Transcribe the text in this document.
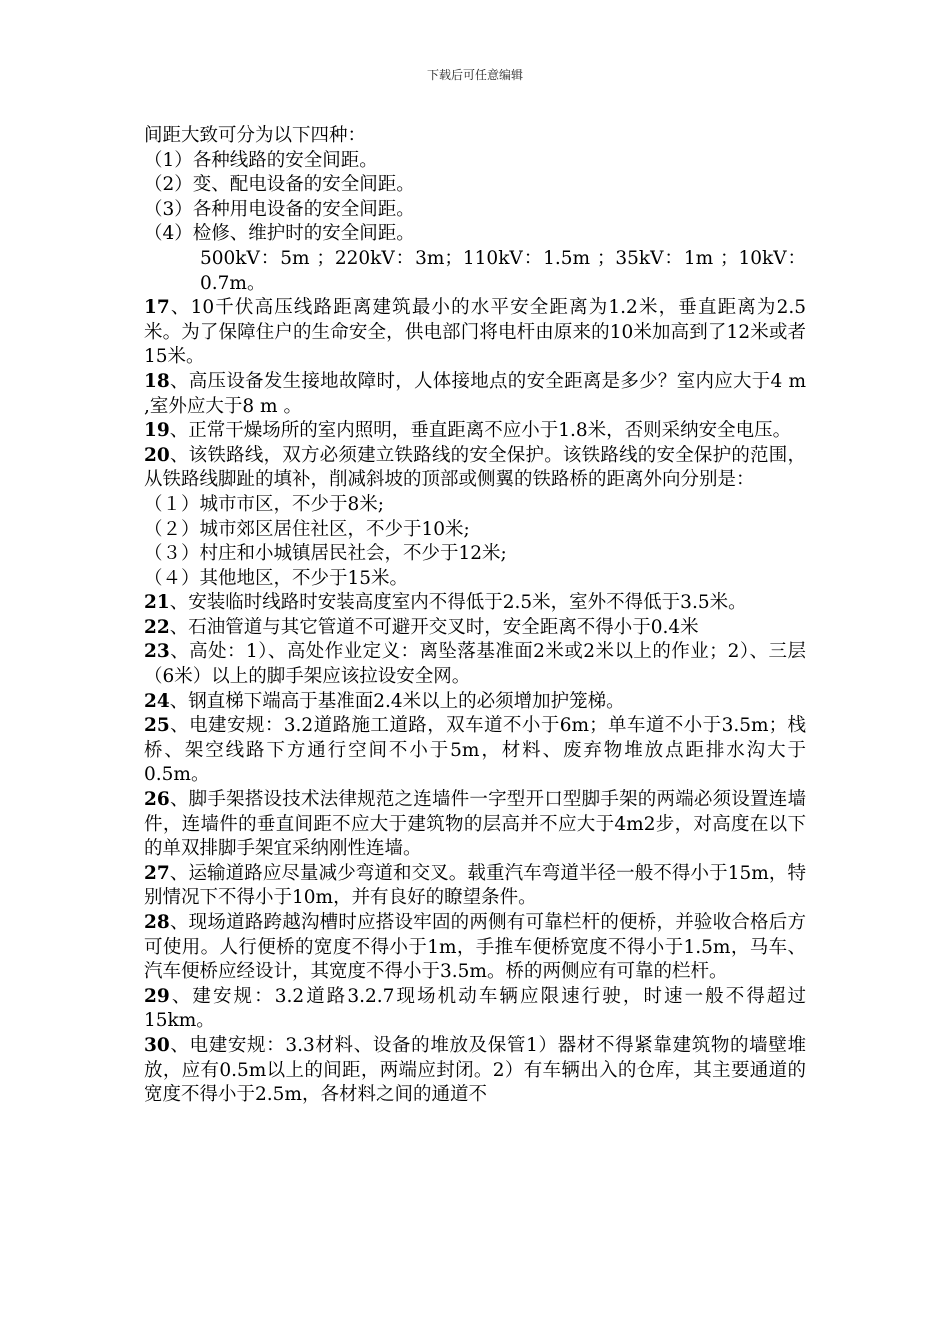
下载后可任意编辑

间距大致可分为以下四种：

（1）各种线路的安全间距。

（2）变、配电设备的安全间距。

（3）各种用电设备的安全间距。

（4）检修、维护时的安全间距。

500kV：5m ；220kV：3m；110kV：1.5m ；35kV：1m ；10kV：0.7m。

17、10千伏高压线路距离建筑最小的水平安全距离为1.2米，垂直距离为2.5米。为了保障住户的生命安全，供电部门将电杆由原来的10米加高到了12米或者15米。

18、高压设备发生接地故障时，人体接地点的安全距离是多少？室内应大于4 m ,室外应大于8 m 。

19、正常干燥场所的室内照明，垂直距离不应小于1.8米，否则采纳安全电压。

20、该铁路线，双方必须建立铁路线的安全保护。该铁路线的安全保护的范围，从铁路线脚趾的填补，削减斜坡的顶部或侧翼的铁路桥的距离外向分别是：

（１）城市市区，不少于8米;

（２）城市郊区居住社区，不少于10米;

（３）村庄和小城镇居民社会，不少于12米;

（４）其他地区，不少于15米。

21、安装临时线路时安装高度室内不得低于2.5米，室外不得低于3.5米。

22、石油管道与其它管道不可避开交叉时，安全距离不得小于0.4米

23、高处：1）、高处作业定义：离坠落基准面2米或2米以上的作业；2）、三层（6米）以上的脚手架应该拉设安全网。

24、钢直梯下端高于基准面2.4米以上的必须增加护笼梯。

25、电建安规：3.2道路施工道路，双车道不小于6m；单车道不小于3.5m；栈桥、架空线路下方通行空间不小于5m，材料、废弃物堆放点距排水沟大于0.5m。

26、脚手架搭设技术法律规范之连墙件一字型开口型脚手架的两端必须设置连墙件，连墙件的垂直间距不应大于建筑物的层高并不应大于4m2步，对高度在以下的单双排脚手架宜采纳刚性连墙。

27、运输道路应尽量减少弯道和交叉。载重汽车弯道半径一般不得小于15m，特别情况下不得小于10m，并有良好的瞭望条件。

28、现场道路跨越沟槽时应搭设牢固的两侧有可靠栏杆的便桥，并验收合格后方可使用。人行便桥的宽度不得小于1m，手推车便桥宽度不得小于1.5m，马车、汽车便桥应经设计，其宽度不得小于3.5m。桥的两侧应有可靠的栏杆。

29、建安规：3.2道路3.2.7现场机动车辆应限速行驶，时速一般不得超过15km。

30、电建安规：3.3材料、设备的堆放及保管1）器材不得紧靠建筑物的墙壁堆放，应有0.5m以上的间距，两端应封闭。2）有车辆出入的仓库，其主要通道的宽度不得小于2.5m，各材料之间的通道不
